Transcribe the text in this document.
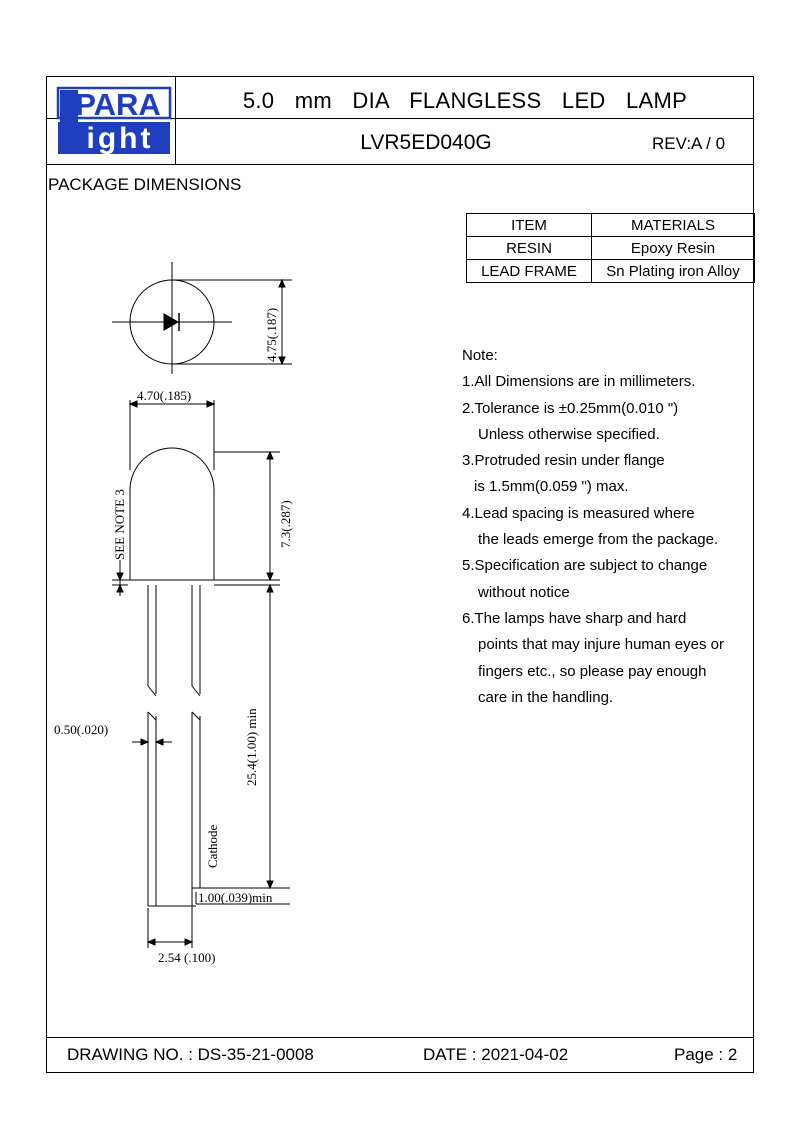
PARA
ight
5.0 mm DIA FLANGLESS LED LAMP
LVR5ED040G	REV:A / 0
PACKAGE DIMENSIONS
ITEM	MATERIALS
RESIN	Epoxy Resin
LEAD FRAME	Sn Plating iron Alloy
Note:
1.All Dimensions are in millimeters.
2.Tolerance is ±0.25mm(0.010 ")
Unless otherwise specified.
3.Protruded resin under flange
is 1.5mm(0.059 ") max.
4.Lead spacing is measured where
the leads emerge from the package.
5.Specification are subject to change
without notice
6.The lamps have sharp and hard
points that may injure human eyes or
fingers etc., so please pay enough
care in the handling.
4.75(.187)
4.70(.185)
SEE NOTE 3	7.3(.287)
25.4(1.00) min
0.50(.020)
Cathode
1.00(.039)min
2.54 (.100)
DRAWING NO. : DS-35-21-0008	DATE : 2021-04-02	Page : 2
